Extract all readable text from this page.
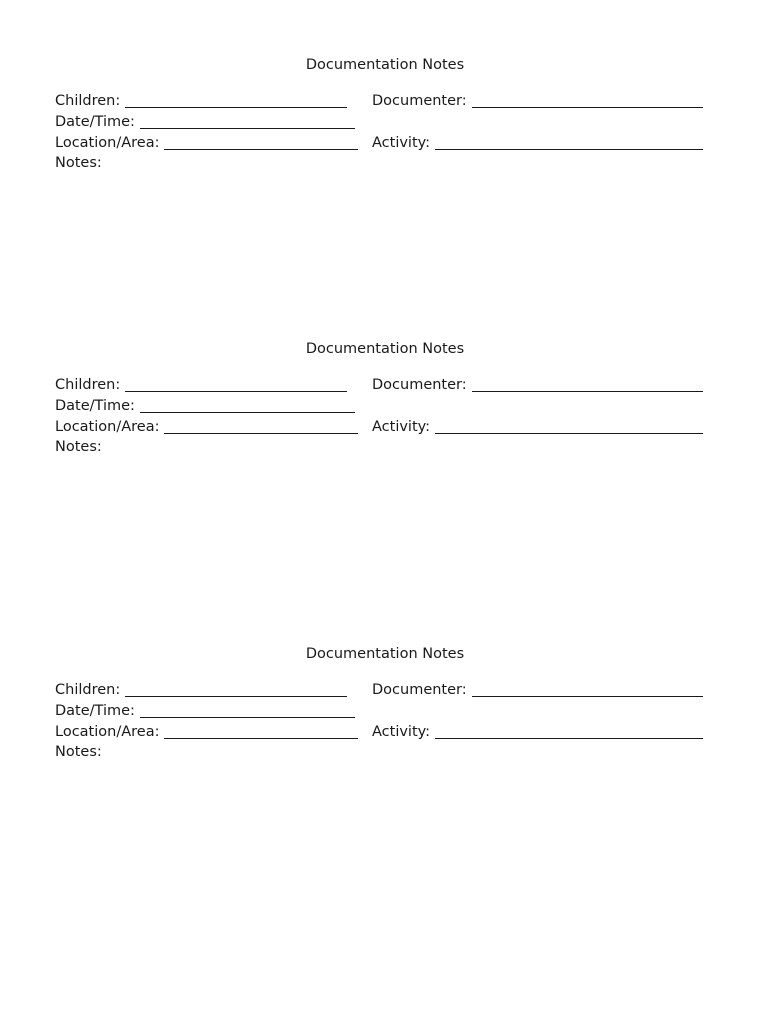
Documentation Notes
Children:	Documenter:
Date/Time:
Location/Area:	Activity:
Notes:
Documentation Notes
Children:	Documenter:
Date/Time:
Location/Area:	Activity:
Notes:
Documentation Notes
Children:	Documenter:
Date/Time:
Location/Area:	Activity:
Notes:
